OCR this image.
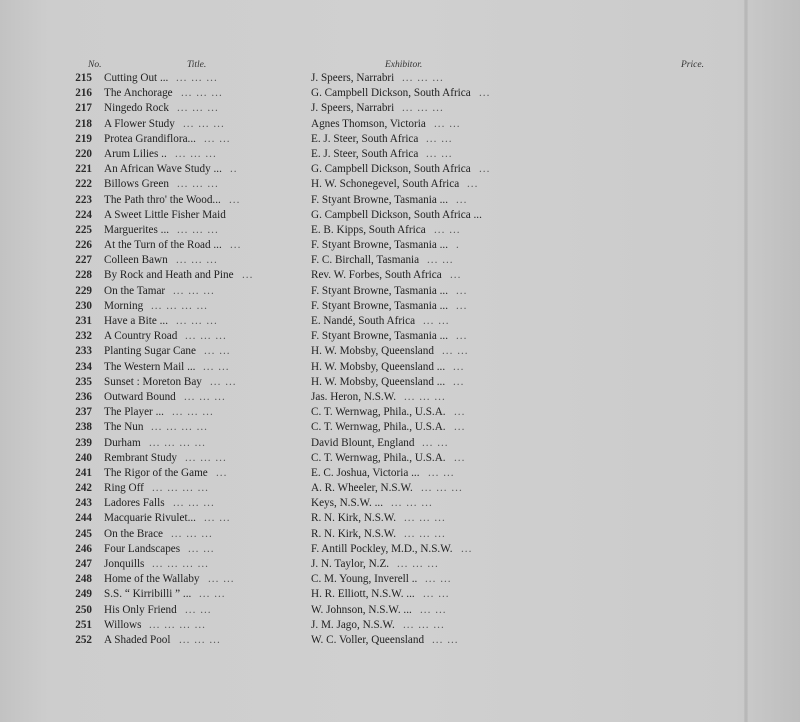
No.	Title.	Exhibitor.	Price.
215 Cutting Out ... ... ... ...	J. Speers, Narrabri ... ... ...
216 The Anchorage ... ... ...	G. Campbell Dickson, South Africa ...
217 Ningedo Rock ... ... ...	J. Speers, Narrabri ... ... ...
218 A Flower Study ... ... ...	Agnes Thomson, Victoria ... ...
219 Protea Grandiflora... ... ...	E. J. Steer, South Africa ... ...
220 Arum Lilies .. ... ... ...	E. J. Steer, South Africa ... ...
221 An African Wave Study ... ..	G. Campbell Dickson, South Africa ...
222 Billows Green ... ... ...	H. W. Schonegevel, South Africa ...
223 The Path thro' the Wood... ...	F. Styant Browne, Tasmania ... ...
224 A Sweet Little Fisher Maid	G. Campbell Dickson, South Africa ...
225 Marguerites ... ... ... ...	E. B. Kipps, South Africa ... ...
226 At the Turn of the Road ... ...	F. Styant Browne, Tasmania ... .
227 Colleen Bawn ... ... ...	F. C. Birchall, Tasmania ... ...
228 By Rock and Heath and Pine ...	Rev. W. Forbes, South Africa ...
229 On the Tamar ... ... ...	F. Styant Browne, Tasmania ... ...
230 Morning ... ... ... ...	F. Styant Browne, Tasmania ... ...
231 Have a Bite ... ... ... ...	E. Nandé, South Africa ... ...
232 A Country Road ... ... ...	F. Styant Browne, Tasmania ... ...
233 Planting Sugar Cane ... ...	H. W. Mobsby, Queensland ... ...
234 The Western Mail ... ... ...	H. W. Mobsby, Queensland ... ...
235 Sunset : Moreton Bay ... ...	H. W. Mobsby, Queensland ... ...
236 Outward Bound ... ... ...	Jas. Heron, N.S.W. ... ... ...
237 The Player ... ... ... ...	C. T. Wernwag, Phila., U.S.A. ...
238 The Nun ... ... ... ...	C. T. Wernwag, Phila., U.S.A. ...
239 Durham ... ... ... ...	David Blount, England ... ...
240 Rembrant Study ... ... ...	C. T. Wernwag, Phila., U.S.A. ...
241 The Rigor of the Game ...	E. C. Joshua, Victoria ... ... ...
242 Ring Off ... ... ... ...	A. R. Wheeler, N.S.W. ... ... ...
243 Ladores Falls ... ... ...	Keys, N.S.W. ... ... ... ...
244 Macquarie Rivulet... ... ...	R. N. Kirk, N.S.W. ... ... ...
245 On the Brace ... ... ...	R. N. Kirk, N.S.W. ... ... ...
246 Four Landscapes ... ...	F. Antill Pockley, M.D., N.S.W. ...
247 Jonquills ... ... ... ...	J. N. Taylor, N.Z. ... ... ...
248 Home of the Wallaby ... ...	C. M. Young, Inverell .. ... ...
249 S.S. “ Kirribilli ” ... ... ...	H. R. Elliott, N.S.W. ... ... ...
250 His Only Friend ... ...	W. Johnson, N.S.W. ... ... ...
251 Willows ... ... ... ...	J. M. Jago, N.S.W. ... ... ...
252 A Shaded Pool ... ... ...	W. C. Voller, Queensland ... ...
